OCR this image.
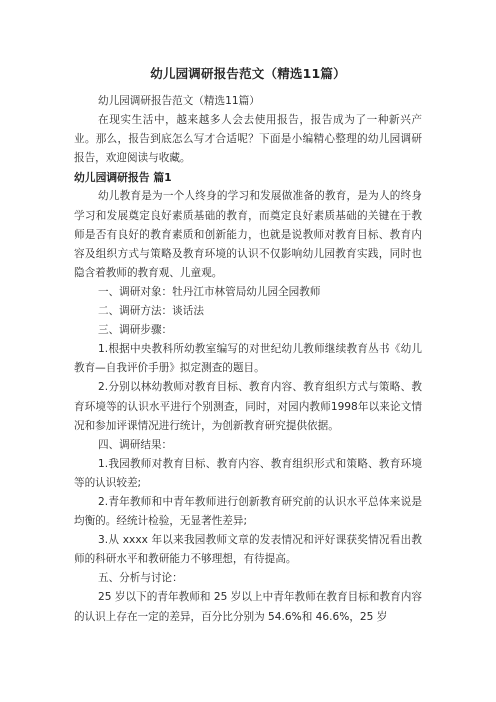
幼儿园调研报告范文（精选11篇）

幼儿园调研报告范文（精选11篇）

在现实生活中，越来越多人会去使用报告，报告成为了一种新兴产业。那么，报告到底怎么写才合适呢？下面是小编精心整理的幼儿园调研报告，欢迎阅读与收藏。

幼儿园调研报告 篇1

幼儿教育是为一个人终身的学习和发展做准备的教育，是为人的终身学习和发展奠定良好素质基础的教育，而奠定良好素质基础的关键在于教师是否有良好的教育素质和创新能力，也就是说教师对教育目标、教育内容及组织方式与策略及教育环境的认识不仅影响幼儿园教育实践，同时也隐含着教师的教育观、儿童观。

一、调研对象：牡丹江市林管局幼儿园全园教师

二、调研方法：谈话法

三、调研步骤：

1.根据中央教科所幼教室编写的对世纪幼儿教师继续教育丛书《幼儿教育—自我评价手册》拟定测查的题目。

2.分别以林幼教师对教育目标、教育内容、教育组织方式与策略、教育环境等的认识水平进行个别测查，同时，对园内教师1998年以来论文情况和参加评课情况进行统计，为创新教育研究提供依据。

四、调研结果：

1.我园教师对教育目标、教育内容、教育组织形式和策略、教育环境等的认识较差;

2.青年教师和中青年教师进行创新教育研究前的认识水平总体来说是均衡的。经统计检验，无显著性差异;

3.从 xxxx 年以来我园教师文章的发表情况和评好课获奖情况看出教师的科研水平和教研能力不够理想，有待提高。

五、分析与讨论：

25 岁以下的青年教师和 25 岁以上中青年教师在教育目标和教育内容的认识上存在一定的差异，百分比分别为 54.6%和 46.6%，25 岁
